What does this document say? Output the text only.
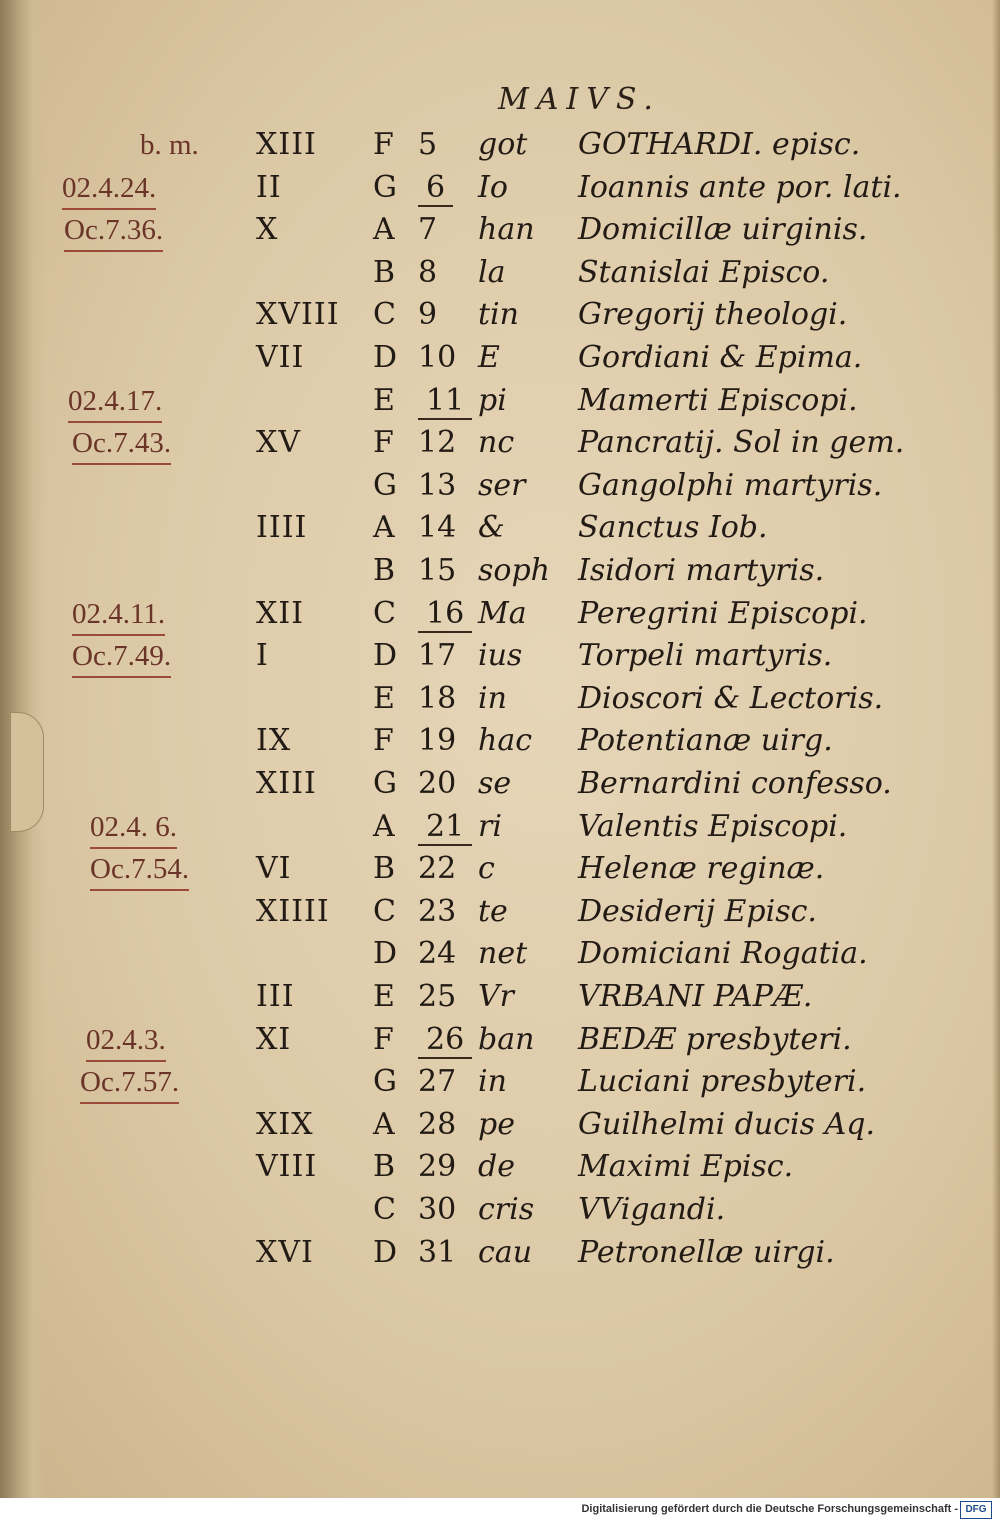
MAIVS.
b. m. XIII F 5 got GOTHARDI. episc.
02.4.24.	II	G 6 Io Ioannis ante por. lati.
Oc.7.36.	X	A 7 han Domicillæ uirginis.
B 8 la Stanislai Episco.
XVIII C 9 tin Gregorij theologi.
VII D 10 E	Gordiani & Epima.
02.4.17.	E 11 pi Mamerti Episcopi.
Oc.7.43.	XV F 12 nc Pancratij. Sol in gem.
G 13 ser Gangolphi martyris.
IIII A 14 & Sanctus Iob.
B 15 soph Isidori martyris.
02.4.11.	XII C 16 Ma Peregrini Episcopi.
Oc.7.49.	I	D 17 ius Torpeli martyris.
E 18 in Dioscori & Lectoris.
IX	F 19 hac Potentianæ uirg.
XIII G 20 se Bernardini confesso.
02.4. 6.	A 21 ri	Valentis Episcopi.
Oc.7.54. VI	B 22 c	Helenæ reginæ.
XIIII C 23 te Desiderij Episc.
D 24 net Domiciani Rogatia.
III	E 25 Vr VRBANI PAPÆ.
02.4.3.	XI	F 26 ban BEDÆ presbyteri.
Oc.7.57.	G 27 in Luciani presbyteri.
XIX A 28 pe Guilhelmi ducis Aq.
VIII B 29 de Maximi Episc.
C 30 cris VVigandi.
XVI D 31 cau Petronellæ uirgi.
Digitalisierung gefördert durch die Deutsche Forschungsgemeinschaft - DFG
